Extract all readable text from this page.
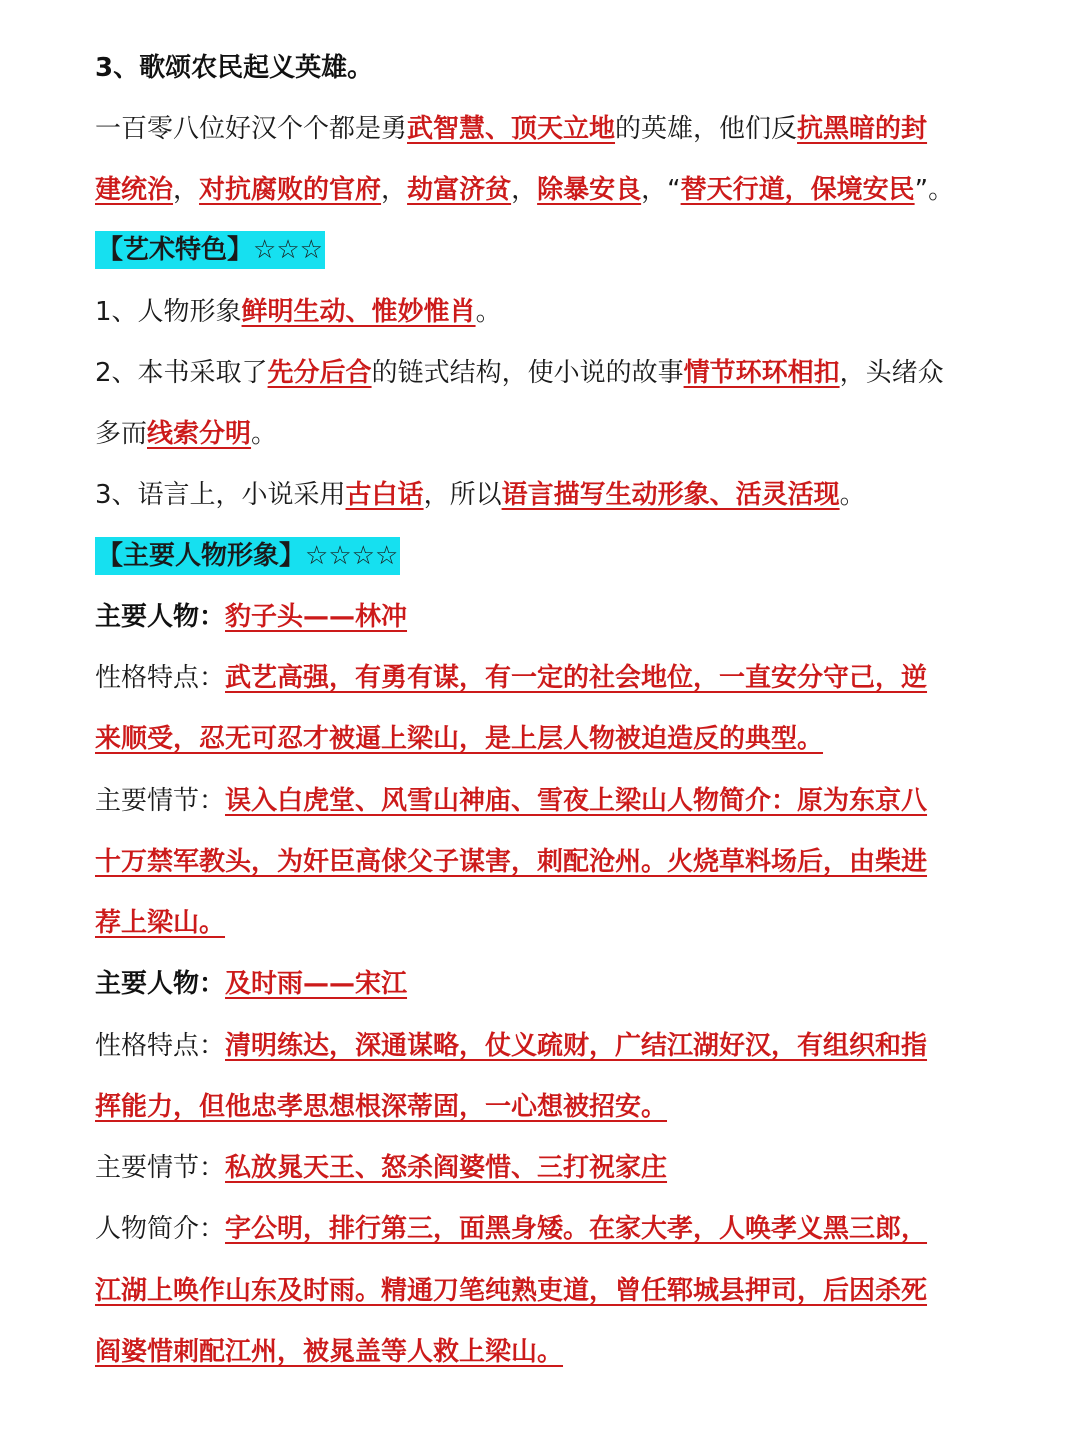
3、歌颂农民起义英雄。
一百零八位好汉个个都是勇武智慧、顶天立地的英雄，他们反抗黑暗的封
建统治，对抗腐败的官府，劫富济贫，除暴安良，“替天行道，保境安民”。
【艺术特色】☆☆☆
1、人物形象鲜明生动、惟妙惟肖。
2、本书采取了先分后合的链式结构，使小说的故事情节环环相扣，头绪众
多而线索分明。
3、语言上，小说采用古白话，所以语言描写生动形象、活灵活现。
【主要人物形象】☆☆☆☆
主要人物：豹子头——林冲
性格特点：武艺高强，有勇有谋，有一定的社会地位，一直安分守己，逆
来顺受，忍无可忍才被逼上梁山，是上层人物被迫造反的典型。
主要情节：误入白虎堂、风雪山神庙、雪夜上梁山人物简介：原为东京八
十万禁军教头，为奸臣高俅父子谋害，刺配沧州。火烧草料场后，由柴进
荐上梁山。
主要人物：及时雨——宋江
性格特点：清明练达，深通谋略，仗义疏财，广结江湖好汉，有组织和指
挥能力，但他忠孝思想根深蒂固，一心想被招安。
主要情节：私放晁天王、怒杀阎婆惜、三打祝家庄
人物简介：字公明，排行第三，面黑身矮。在家大孝，人唤孝义黑三郎，
江湖上唤作山东及时雨。精通刀笔纯熟吏道，曾任郓城县押司，后因杀死
阎婆惜刺配江州，被晁盖等人救上梁山。
